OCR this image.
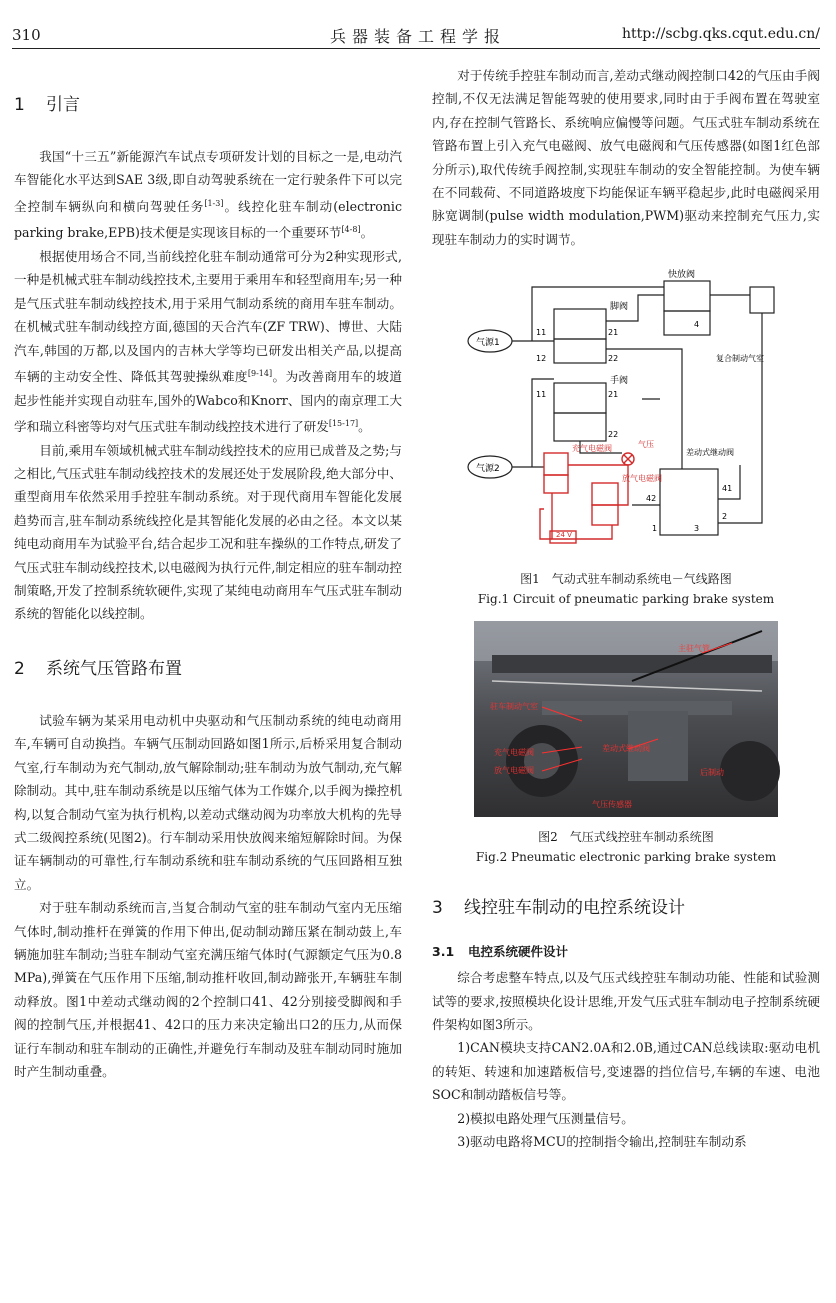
310	兵器装备工程学报	http://scbg.qks.cqut.edu.cn/
1 引言

我国“十三五”新能源汽车试点专项研发计划的目标之一是,电动汽车智能化水平达到SAE 3级,即自动驾驶系统在一定行驶条件下可以完全控制车辆纵向和横向驾驶任务[1-3]。线控化驻车制动(electronic parking brake,EPB)技术便是实现该目标的一个重要环节[4-8]。

根据使用场合不同,当前线控化驻车制动通常可分为2种实现形式,一种是机械式驻车制动线控技术,主要用于乘用车和轻型商用车;另一种是气压式驻车制动线控技术,用于采用气制动系统的商用车驻车制动。在机械式驻车制动线控方面,德国的天合汽车(ZF TRW)、博世、大陆汽车,韩国的万都,以及国内的吉林大学等均已研发出相关产品,以提高车辆的主动安全性、降低其驾驶操纵难度[9-14]。为改善商用车的坡道起步性能并实现自动驻车,国外的Wabco和Knorr、国内的南京理工大学和瑞立科密等均对气压式驻车制动线控技术进行了研发[15-17]。

目前,乘用车领域机械式驻车制动线控技术的应用已成普及之势;与之相比,气压式驻车制动线控技术的发展还处于发展阶段,绝大部分中、重型商用车依然采用手控驻车制动系统。对于现代商用车智能化发展趋势而言,驻车制动系统线控化是其智能化发展的必由之径。本文以某纯电动商用车为试验平台,结合起步工况和驻车操纵的工作特点,研发了气压式驻车制动线控技术,以电磁阀为执行元件,制定相应的驻车制动控制策略,开发了控制系统软硬件,实现了某纯电动商用车气压式驻车制动系统的智能化以线控制。

2 系统气压管路布置

试验车辆为某采用电动机中央驱动和气压制动系统的纯电动商用车,车辆可自动换挡。车辆气压制动回路如图1所示,后桥采用复合制动气室,行车制动为充气制动,放气解除制动;驻车制动为放气制动,充气解除制动。其中,驻车制动系统是以压缩气体为工作媒介,以手阀为操控机构,以复合制动气室为执行机构,以差动式继动阀为功率放大机构的先导式二级阀控系统(见图2)。行车制动采用快放阀来缩短解除时间。为保证车辆制动的可靠性,行车制动系统和驻车制动系统的气压回路相互独立。

对于驻车制动系统而言,当复合制动气室的驻车制动气室内无压缩气体时,制动推杆在弹簧的作用下伸出,促动制动蹄压紧在制动鼓上,车辆施加驻车制动;当驻车制动气室充满压缩气体时(气源额定气压为0.8 MPa),弹簧在气压作用下压缩,制动推杆收回,制动蹄张开,车辆驻车制动释放。图1中差动式继动阀的2个控制口41、42分别接受脚阀和手阀的控制气压,并根据41、42口的压力来决定输出口2的压力,从而保证行车制动和驻车制动的正确性,并避免行车制动及驻车制动同时施加时产生制动重叠。

对于传统手控驻车制动而言,差动式继动阀控制口42的气压由手阀控制,不仅无法满足智能驾驶的使用要求,同时由于手阀布置在驾驶室内,存在控制气管路长、系统响应偏慢等问题。气压式驻车制动系统在管路布置上引入充气电磁阀、放气电磁阀和气压传感器(如图1红色部分所示),取代传统手阀控制,实现驻车制动的安全智能控制。为使车辆在不同载荷、不同道路坡度下均能保证车辆平稳起步,此时电磁阀采用脉宽调制(pulse width modulation,PWM)驱动来控制充气压力,实现驻车制动力的实时调节。

快放阀
脚阀
气源1
气源2
手阀
充气电磁阀
放气电磁阀
气压
差动式继动阀
复合制动气室
24 V
11
12
21
22
11	21
22
41
42
1
2
3
4
图1　气动式驻车制动系统电－气线路图
Fig.1 Circuit of pneumatic parking brake system
主驻气管
驻车制动气室
充气电磁阀
放气电磁阀
差动式继动阀
后制动
气压传感器
图2　气压式线控驻车制动系统图
Fig.2 Pneumatic electronic parking brake system
3 线控驻车制动的电控系统设计
3.1 电控系统硬件设计

综合考虑整车特点,以及气压式线控驻车制动功能、性能和试验测试等的要求,按照模块化设计思维,开发气压式驻车制动电子控制系统硬件架构如图3所示。

1)CAN模块支持CAN2.0A和2.0B,通过CAN总线读取:驱动电机的转矩、转速和加速踏板信号,变速器的挡位信号,车辆的车速、电池SOC和制动踏板信号等。

2)模拟电路处理气压测量信号。

3)驱动电路将MCU的控制指令输出,控制驻车制动系
